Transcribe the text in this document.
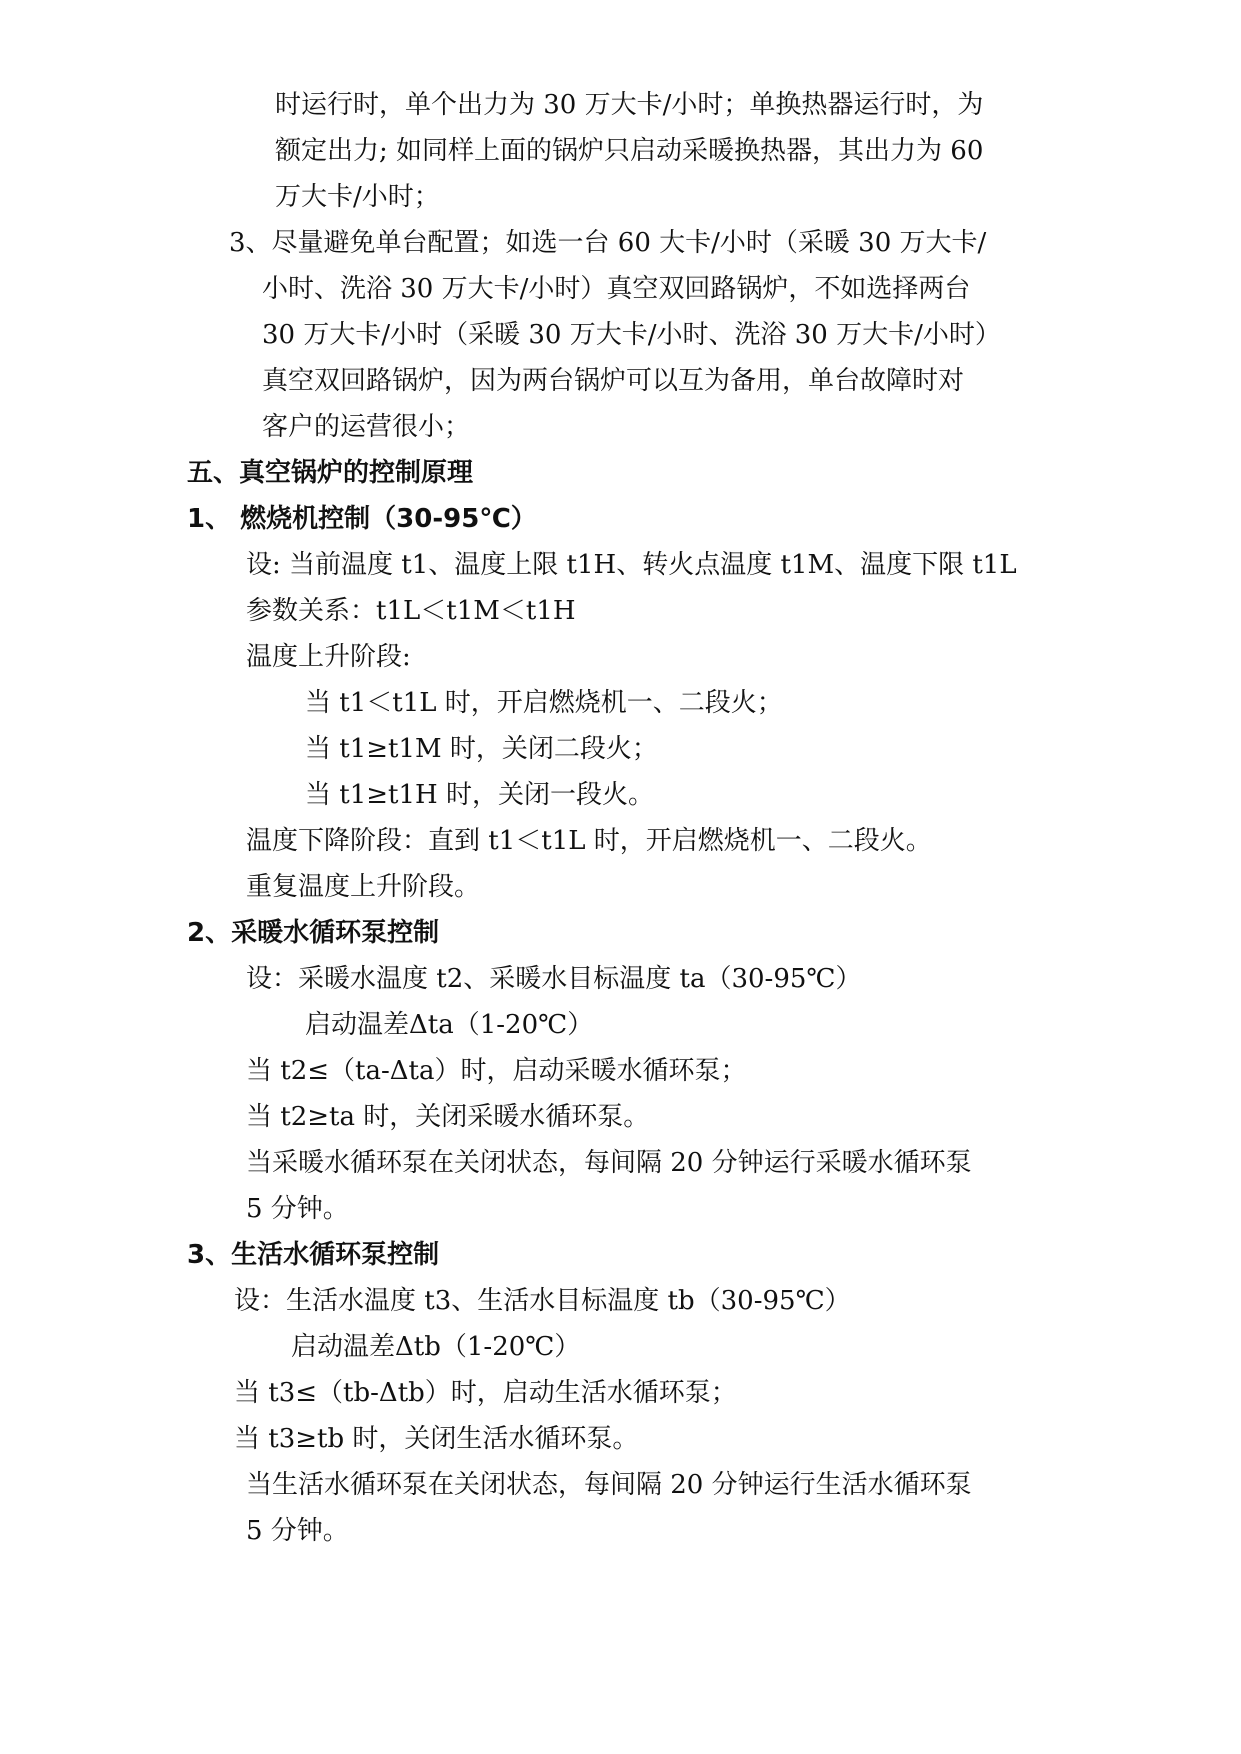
时运行时，单个出力为 30 万大卡/小时；单换热器运行时，为
额定出力; 如同样上面的锅炉只启动采暖换热器，其出力为 60
万大卡/小时；
3、尽量避免单台配置；如选一台 60 大卡/小时（采暖 30 万大卡/
小时、洗浴 30 万大卡/小时）真空双回路锅炉，不如选择两台
30 万大卡/小时（采暖 30 万大卡/小时、洗浴 30 万大卡/小时）
真空双回路锅炉，因为两台锅炉可以互为备用，单台故障时对
客户的运营很小；
五、真空锅炉的控制原理
1、 燃烧机控制（30-95℃）
设: 当前温度 t1、温度上限 t1H、转火点温度 t1M、温度下限 t1L
参数关系：t1L＜t1M＜t1H
温度上升阶段:
当 t1＜t1L 时，开启燃烧机一、二段火；
当 t1≥t1M 时，关闭二段火；
当 t1≥t1H 时，关闭一段火。
温度下降阶段：直到 t1＜t1L 时，开启燃烧机一、二段火。
重复温度上升阶段。
2、采暖水循环泵控制
设：采暖水温度 t2、采暖水目标温度 ta（30-95℃）
启动温差Δta（1-20℃）
当 t2≤（ta-Δta）时，启动采暖水循环泵；
当 t2≥ta 时，关闭采暖水循环泵。
当采暖水循环泵在关闭状态，每间隔 20 分钟运行采暖水循环泵
5 分钟。
3、生活水循环泵控制
设：生活水温度 t3、生活水目标温度 tb（30-95℃）
启动温差Δtb（1-20℃）
当 t3≤（tb-Δtb）时，启动生活水循环泵；
当 t3≥tb 时，关闭生活水循环泵。
当生活水循环泵在关闭状态，每间隔 20 分钟运行生活水循环泵
5 分钟。
